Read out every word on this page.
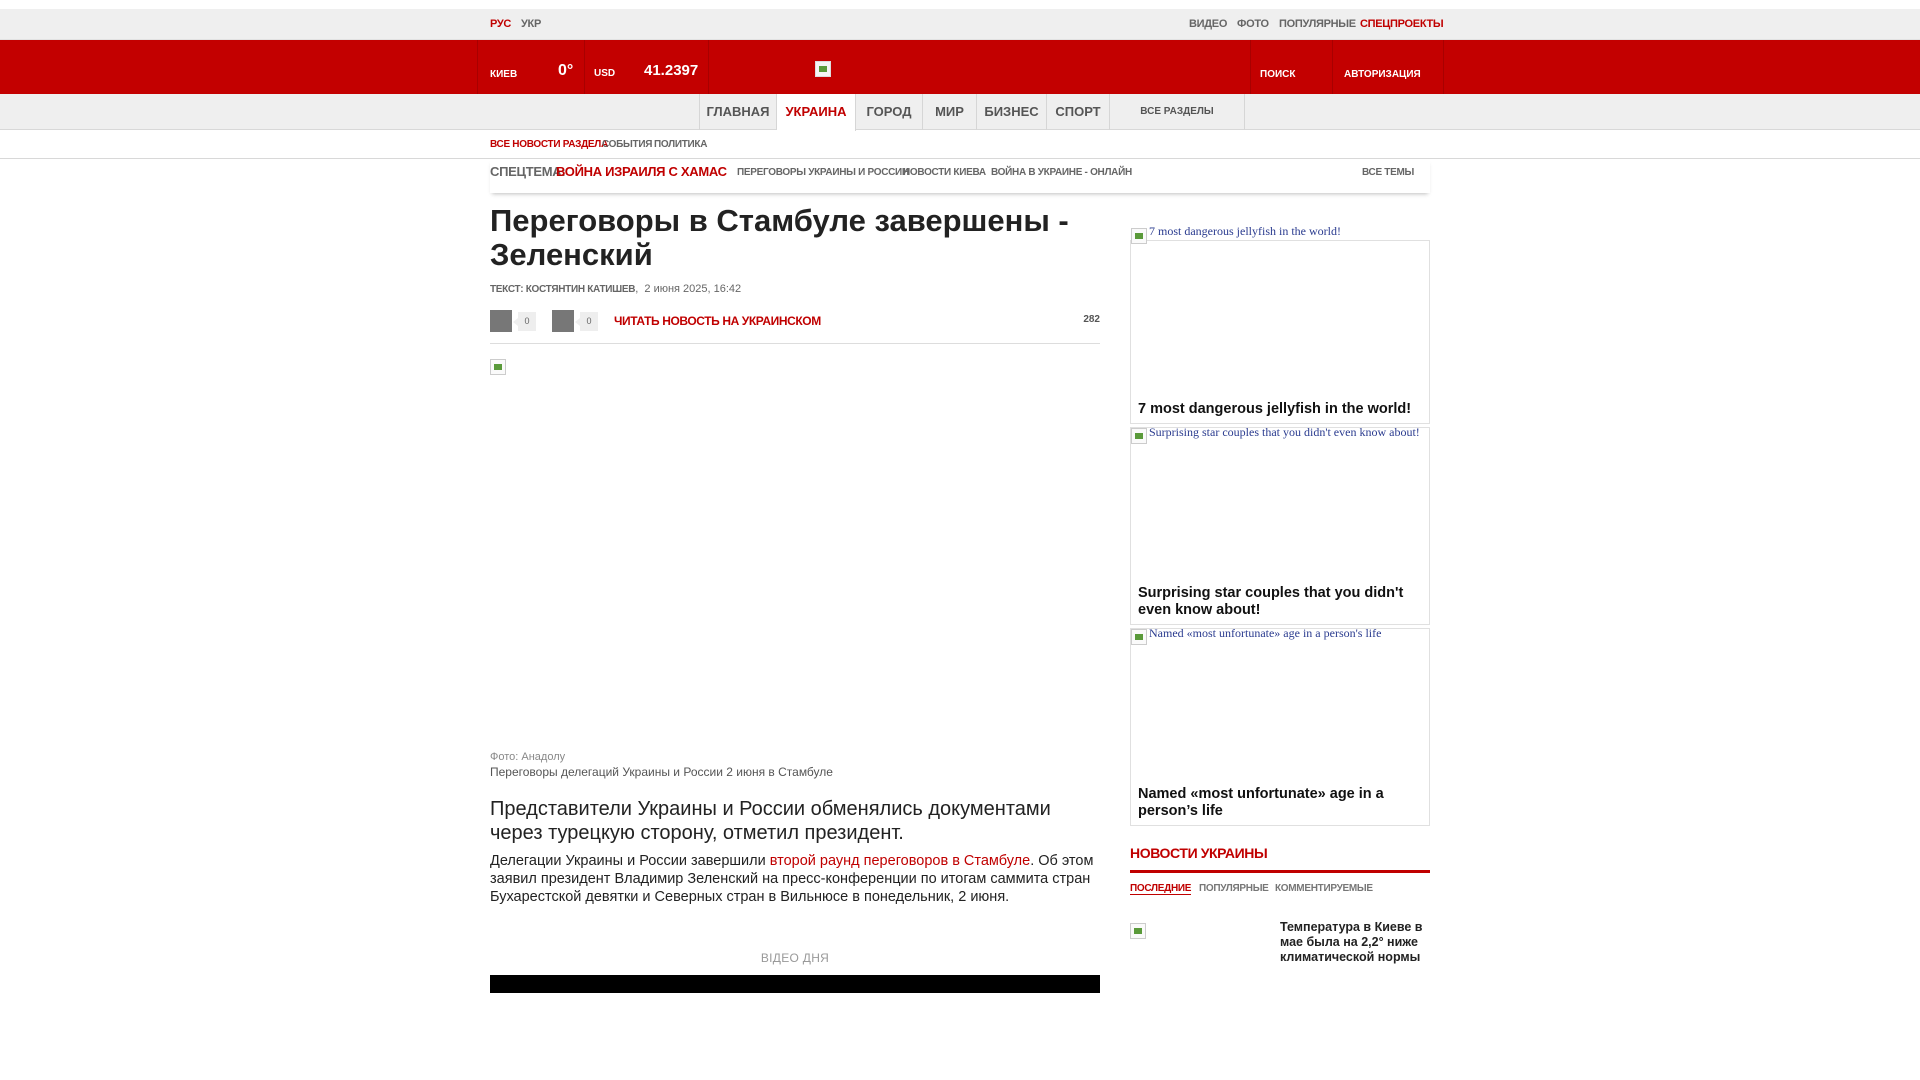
РУС УКР	ВИДЕО ФОТО ПОПУЛЯРНЫЕ СПЕЦПРОЕКТЫ
КИЕВ	0° USD 41.2397	ПОИСК	АВТОРИЗАЦИЯ
ГЛАВНАЯ	УКРАИНА	ГОРОД	МИР	БИЗНЕС	СПОРТ	ВСЕ РАЗДЕЛЫ
ВСЕ НОВОСТИ РАЗДЕЛА
СОБЫТИЯ ПОЛИТИКА
СПЕЦТЕМА:
ВОЙНА ИЗРАИЛЯ С ХАМАС ПЕРЕГОВОРЫ УКРАИНЫ И РОССИИ
НОВОСТИ КИЕВА ВОЙНА В УКРАИНЕ - ОНЛАЙН	ВСЕ ТЕМЫ
Переговоры в Стамбуле завершены - Зеленский
ТЕКСТ: КОСТЯНТИН КАТИШЕВ,  2 июня 2025, 16:42
0	0	ЧИТАТЬ НОВОСТЬ НА УКРАИНСКОМ	282
Фото: Анадолу
Переговоры делегаций Украины и России 2 июня в Стамбуле

Представители Украины и России обменялись документами через турецкую сторону, отметил президент.

Делегации Украины и России завершили второй раунд переговоров в Стамбуле. Об этом заявил президент Владимир Зеленский на пресс-конференции по итогам саммита стран Бухарестской девятки и Северных стран в Вильнюсе в понедельник, 2 июня.

ВІДЕО ДНЯ
7 most dangerous jellyfish in the world!
7 most dangerous jellyfish in the world!
Surprising star couples that you didn't even know about!
Surprising star couples that you didn't even know about!
Named «most unfortunate» age in a person's life
Named «most unfortunate» age in a person’s life
НОВОСТИ УКРАИНЫ
ПОСЛЕДНИЕ ПОПУЛЯРНЫЕ КОММЕНТИРУЕМЫЕ
Температура в Киеве в мае была на 2,2° ниже климатической нормы
